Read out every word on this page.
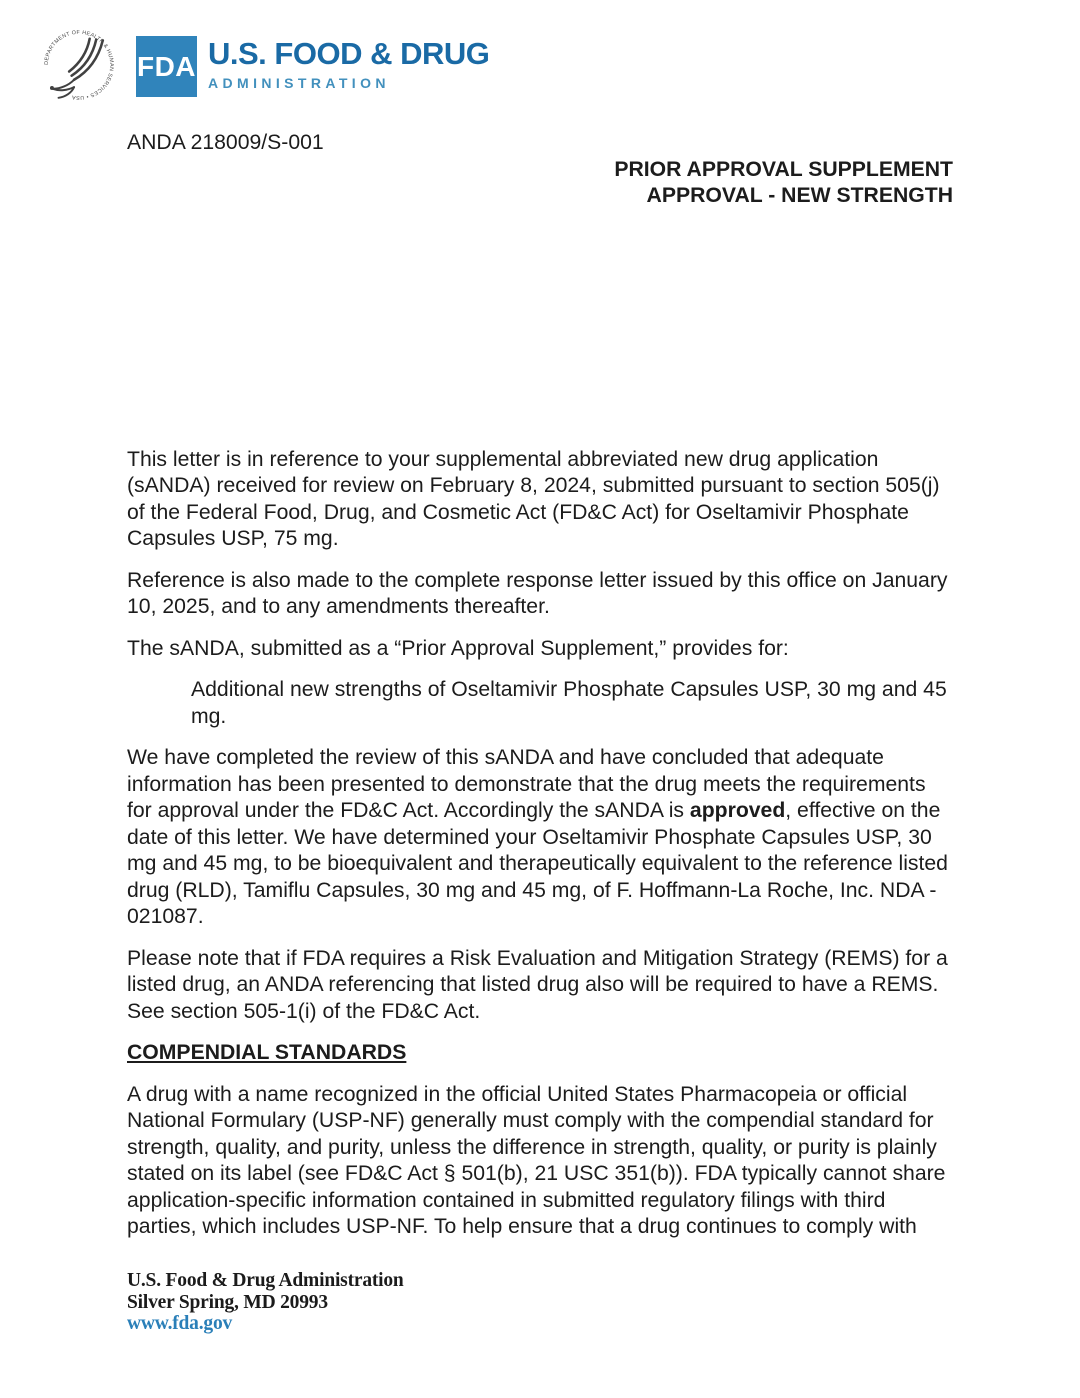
DEPARTMENT OF HEALTH & HUMAN SERVICES • USA
FDA U.S. FOOD & DRUG
ADMINISTRATION
ANDA 218009/S-001
PRIOR APPROVAL SUPPLEMENT
APPROVAL - NEW STRENGTH

This letter is in reference to your supplemental abbreviated new drug application (sANDA) received for review on February 8, 2024, submitted pursuant to section 505(j) of the Federal Food, Drug, and Cosmetic Act (FD&C Act) for Oseltamivir Phosphate Capsules USP, 75 mg.

Reference is also made to the complete response letter issued by this office on January 10, 2025, and to any amendments thereafter.

The sANDA, submitted as a “Prior Approval Supplement,” provides for:

Additional new strengths of Oseltamivir Phosphate Capsules USP, 30 mg and 45 mg.

We have completed the review of this sANDA and have concluded that adequate information has been presented to demonstrate that the drug meets the requirements for approval under the FD&C Act. Accordingly the sANDA is approved, effective on the date of this letter. We have determined your Oseltamivir Phosphate Capsules USP, 30 mg and 45 mg, to be bioequivalent and therapeutically equivalent to the reference listed drug (RLD), Tamiflu Capsules, 30 mg and 45 mg, of F. Hoffmann-La Roche, Inc. NDA - 021087.

Please note that if FDA requires a Risk Evaluation and Mitigation Strategy (REMS) for a listed drug, an ANDA referencing that listed drug also will be required to have a REMS. See section 505-1(i) of the FD&C Act.

COMPENDIAL STANDARDS

A drug with a name recognized in the official United States Pharmacopeia or official National Formulary (USP-NF) generally must comply with the compendial standard for strength, quality, and purity, unless the difference in strength, quality, or purity is plainly stated on its label (see FD&C Act § 501(b), 21 USC 351(b)). FDA typically cannot share application-specific information contained in submitted regulatory filings with third parties, which includes USP-NF. To help ensure that a drug continues to comply with

U.S. Food & Drug Administration
Silver Spring, MD 20993
www.fda.gov
